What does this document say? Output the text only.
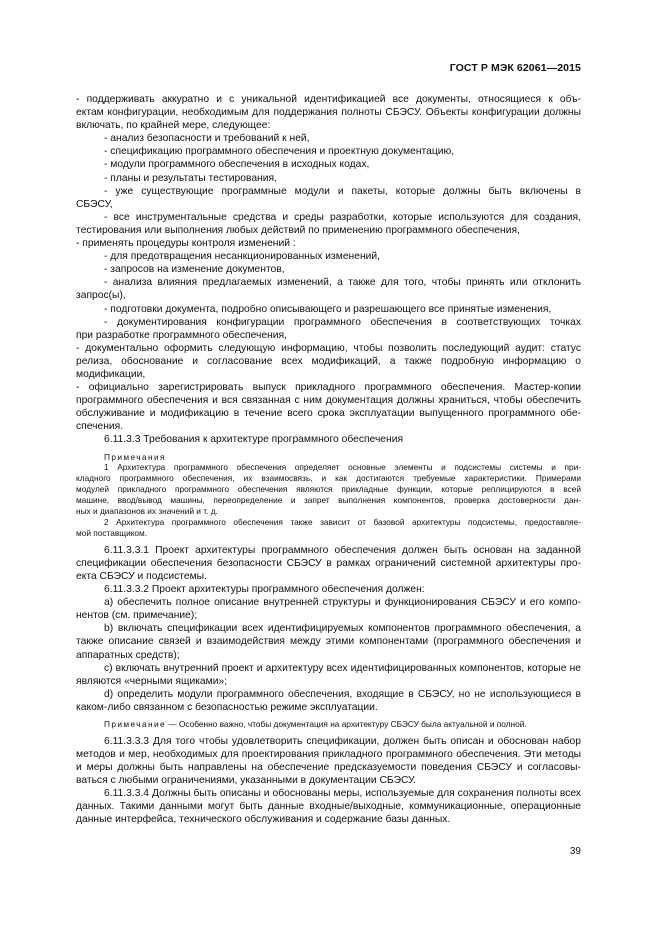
ГОСТ Р МЭК 62061—2015
- поддерживать аккуратно и с уникальной идентификацией все документы, относящиеся к объ-
ектам конфигурации, необходимым для поддержания полноты СБЭСУ. Объекты конфигурации должны
включать, по крайней мере, следующее:
- анализ безопасности и требований к ней,
- спецификацию программного обеспечения и проектную документацию,
- модули программного обеспечения в исходных кодах,
- планы и результаты тестирования,
- уже существующие программные модули и пакеты, которые должны быть включены в
СБЭСУ,
- все инструментальные средства и среды разработки, которые используются для создания,
тестирования или выполнения любых действий по применению программного обеспечения,
- применять процедуры контроля изменений :
- для предотвращения несанкционированных изменений,
- запросов на изменение документов,
- анализа влияния предлагаемых изменений, а также для того, чтобы принять или отклонить
запрос(ы),
- подготовки документа, подробно описывающего и разрешающего все принятые изменения,
- документирования конфигурации программного обеспечения в соответствующих точках
при разработке программного обеспечения,
- документально оформить следующую информацию, чтобы позволить последующий аудит: статус
релиза, обоснование и согласование всех модификаций, а также подробную информацию о модификации,
- официально зарегистрировать выпуск прикладного программного обеспечения. Мастер-копии
программного обеспечения и вся связанная с ним документация должны храниться, чтобы обеспечить
обслуживание и модификацию в течение всего срока эксплуатации выпущенного программного обе-
спечения.
6.11.3.3 Требования к архитектуре программного обеспечения
Примечания
1 Архитектура программного обеспечения определяет основные элементы и подсистемы системы и при-
кладного программного обеспечения, их взаимосвязь, и как достигаются требуемые характеристики. Примерами
модулей прикладного программного обеспечения являются прикладные функции, которые реплицируются в всей
машине, ввод/вывод машины, переопределение и запрет выполнения компонентов, проверка достоверности дан-
ных и диапазонов их значений и т. д.
2 Архитектура программного обеспечения также зависит от базовой архитектуры подсистемы, предоставляе-
мой поставщиком.
6.11.3.3.1 Проект архитектуры программного обеспечения должен быть основан на заданной
спецификации обеспечения безопасности СБЭСУ в рамках ограничений системной архитектуры про-
екта СБЭСУ и подсистемы.
6.11.3.3.2 Проект архитектуры программного обеспечения должен:
a) обеспечить полное описание внутренней структуры и функционирования СБЭСУ и его компо-
нентов (см. примечание);
b) включать спецификации всех идентифицируемых компонентов программного обеспечения, а
также описание связей и взаимодействия между этими компонентами (программного обеспечения и
аппаратных средств);
c) включать внутренний проект и архитектуру всех идентифицированных компонентов, которые не
являются «черными ящиками»;
d) определить модули программного обеспечения, входящие в СБЭСУ, но не использующиеся в
каком-либо связанном с безопасностью режиме эксплуатации.
Примечание — Особенно важно, чтобы документация на архитектуру СБЭСУ была актуальной и полной.
6.11.3.3.3 Для того чтобы удовлетворить спецификации, должен быть описан и обоснован набор
методов и мер, необходимых для проектирования прикладного программного обеспечения. Эти методы
и меры должны быть направлены на обеспечение предсказуемости поведения СБЭСУ и согласовы-
ваться с любыми ограничениями, указанными в документации СБЭСУ.
6.11.3.3.4 Должны быть описаны и обоснованы меры, используемые для сохранения полноты всех
данных. Такими данными могут быть данные входные/выходные, коммуникационные, операционные
данные интерфейса, технического обслуживания и содержание базы данных.
39
